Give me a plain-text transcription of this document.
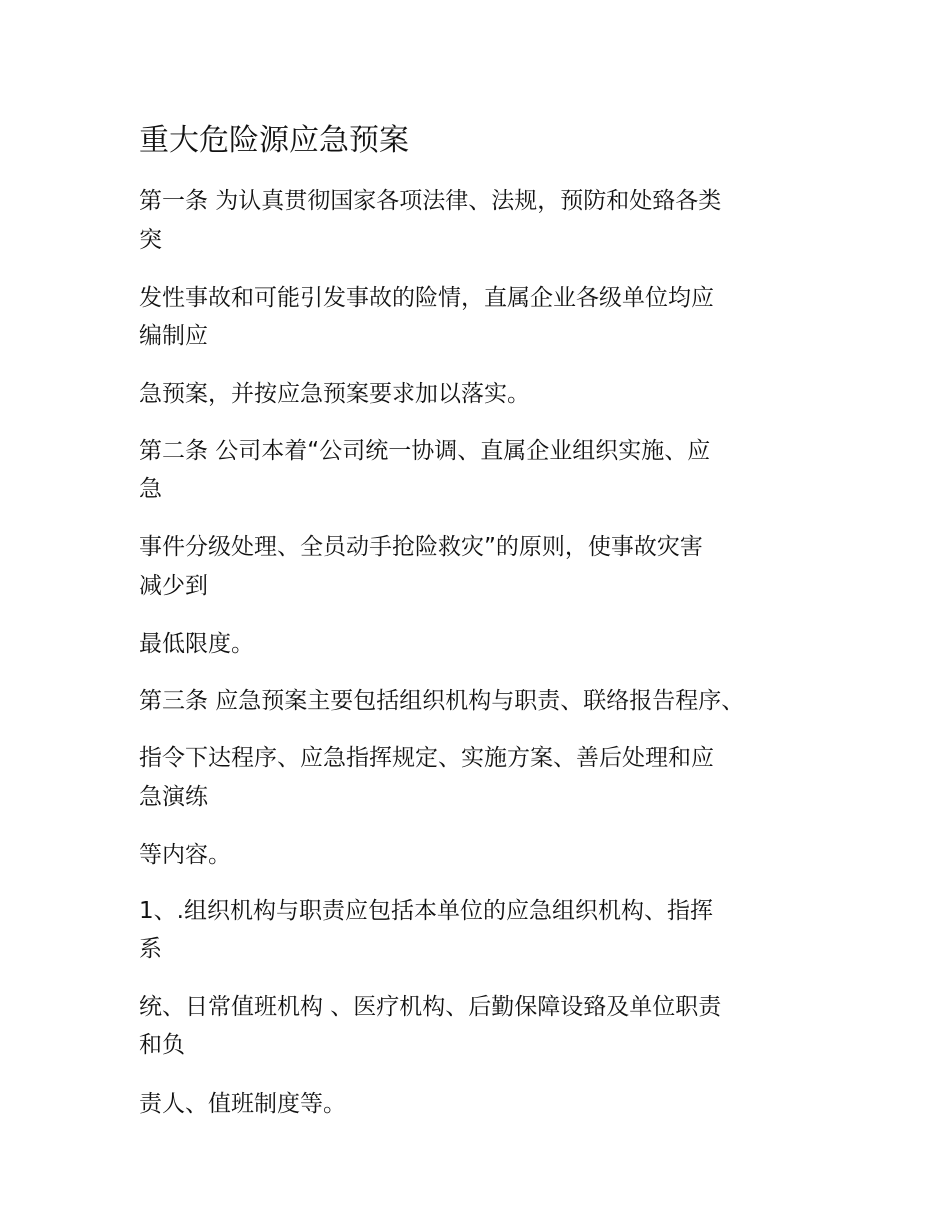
重大危险源应急预案

第一条 为认真贯彻国家各项法律、法规，预防和处臵各类

突

发性事故和可能引发事故的险情，直属企业各级单位均应

编制应

急预案，并按应急预案要求加以落实。

第二条 公司本着“公司统一协调、直属企业组织实施、应

急

事件分级处理、全员动手抢险救灾”的原则，使事故灾害

减少到

最低限度。

第三条 应急预案主要包括组织机构与职责、联络报告程序、

指令下达程序、应急指挥规定、实施方案、善后处理和应

急演练

等内容。

1、.组织机构与职责应包括本单位的应急组织机构、指挥

系

统、日常值班机构 、医疗机构、后勤保障设臵及单位职责

和负

责人、值班制度等。
